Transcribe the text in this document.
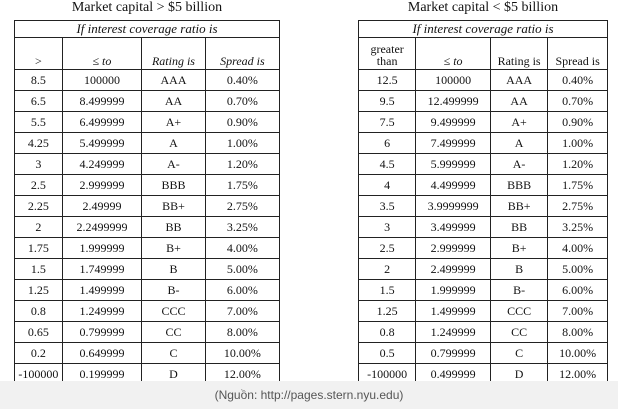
Market capital > $5 billion
If interest coverage ratio is			
>	≤ to	Rating is	Spread is
8.5	100000	AAA	0.40%
6.5	8.499999	AA	0.70%
5.5	6.499999	A+	0.90%
4.25	5.499999	A	1.00%
3	4.249999	A-	1.20%
2.5	2.999999	BBB	1.75%
2.25	2.49999	BB+	2.75%
2	2.2499999	BB	3.25%
1.75	1.999999	B+	4.00%
1.5	1.749999	B	5.00%
1.25	1.499999	B-	6.00%
0.8	1.249999	CCC	7.00%
0.65	0.799999	CC	8.00%
0.2	0.649999	C	10.00%
-100000	0.199999	D	12.00%
Market capital < $5 billion
If interest coverage ratio is			
greater than	≤ to	Rating is	Spread is
12.5	100000	AAA	0.40%
9.5	12.499999	AA	0.70%
7.5	9.499999	A+	0.90%
6	7.499999	A	1.00%
4.5	5.999999	A-	1.20%
4	4.499999	BBB	1.75%
3.5	3.9999999	BB+	2.75%
3	3.499999	BB	3.25%
2.5	2.999999	B+	4.00%
2	2.499999	B	5.00%
1.5	1.999999	B-	6.00%
1.25	1.499999	CCC	7.00%
0.8	1.249999	CC	8.00%
0.5	0.799999	C	10.00%
-100000	0.499999	D	12.00%
(Nguồn: http://pages.stern.nyu.edu)
